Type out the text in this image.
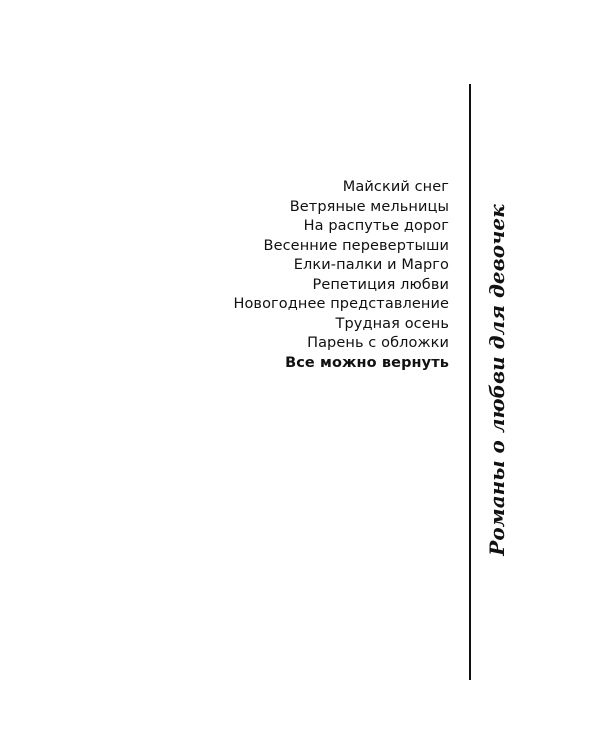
Майский снег
Ветряные мельницы
На распутье дорог
Весенние перевертыши
Елки-палки и Марго
Репетиция любви
Новогоднее представление
Трудная осень
Парень с обложки
Все можно вернуть Романы о любви для девочек
